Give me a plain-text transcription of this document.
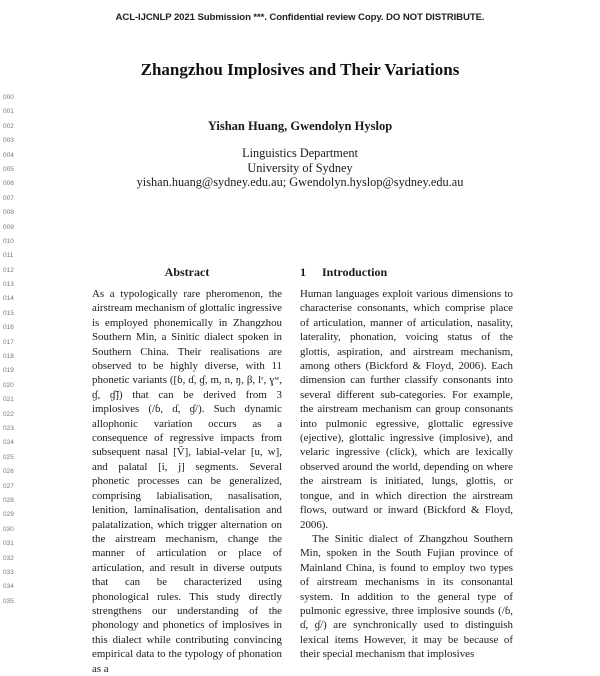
ACL-IJCNLP 2021 Submission ***. Confidential review Copy. DO NOT DISTRIBUTE.
Zhangzhou Implosives and Their Variations
000
001
002
003
004
005
006
007
008
009
010
011
012
013
014
015
016
017
018
019
020
021
022
023
024
025
026
027
028
029
030
031
032
033
034
035
Yishan Huang, Gwendolyn Hyslop
Linguistics Department
University of Sydney
yishan.huang@sydney.edu.au; Gwendolyn.hyslop@sydney.edu.au
Abstract

As a typologically rare pheromenon, the airstream mechanism of glottalic ingressive is employed phonemically in Zhangzhou Southern Min, a Sinitic dialect spoken in Southern China. Their realisations are observed to be highly diverse, with 11 phonetic variants ([ɓ, ɗ, ɠ, m, n, ŋ, β, lʳ, ɣʷ, ɠ, ɠ̃]) that can be derived from 3 implosives (/ɓ, ɗ, ɠ/). Such dynamic allophonic variation occurs as a consequence of regressive impacts from subsequent nasal [Ṽ], labial-velar [u, w], and palatal [i, j] segments. Several phonetic processes can be generalized, comprising labialisation, nasalisation, lenition, laminalisation, dentalisation and palatalization, which trigger alternation on the airstream mechanism, change the manner of articulation or place of articulation, and result in diverse outputs that can be characterized using phonological rules. This study directly strengthens our understanding of the phonology and phonetics of implosives in this dialect while contributing convincing empirical data to the typology of phonation as a

1 Introduction

Human languages exploit various dimensions to characterise consonants, which comprise place of articulation, manner of articulation, nasality, laterality, phonation, voicing status of the glottis, aspiration, and airstream mechanism, among others (Bickford & Floyd, 2006). Each dimension can further classify consonants into several different sub-categories. For example, the airstream mechanism can group consonants into pulmonic egressive, glottalic egressive (ejective), glottalic ingressive (implosive), and velaric ingressive (click), which are lexically observed around the world, depending on where the airstream is initiated, lungs, glottis, or tongue, and in which direction the airstream flows, outward or inward (Bickford & Floyd, 2006).

The Sinitic dialect of Zhangzhou Southern Min, spoken in the South Fujian province of Mainland China, is found to employ two types of airstream mechanisms in its consonantal system. In addition to the general type of pulmonic egressive, three implosive sounds (/ɓ, ɗ, ɠ/) are synchronically used to distinguish lexical items However, it may be because of their special mechanism that implosives
